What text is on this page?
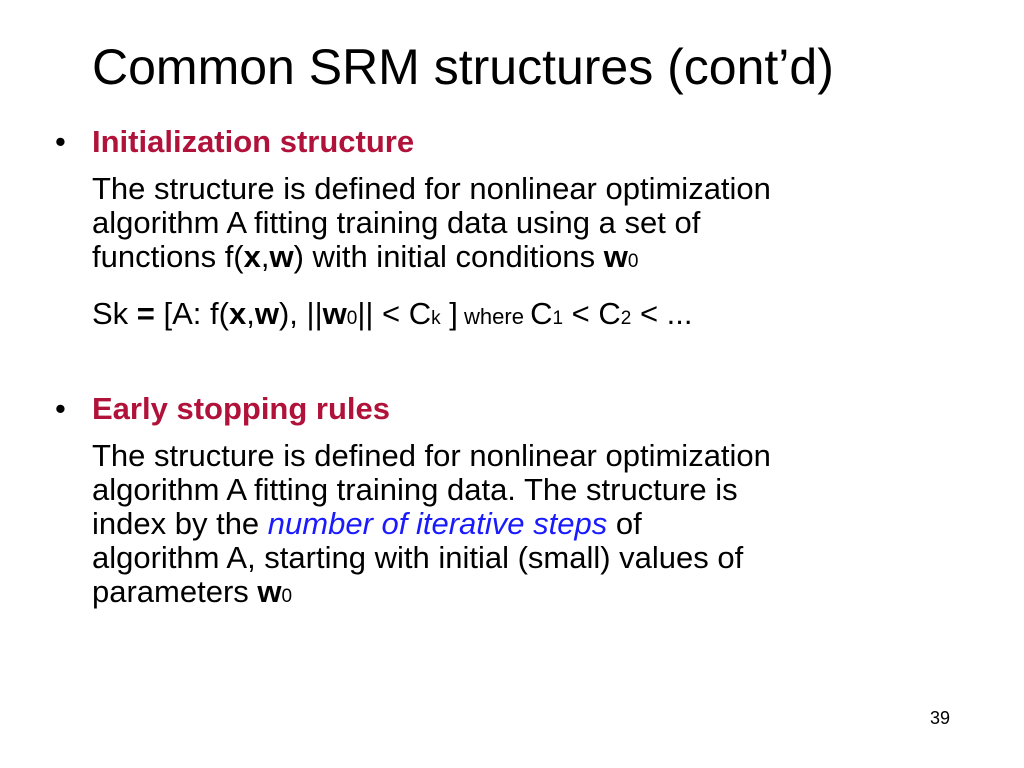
Common SRM structures (cont’d)
• Initialization structure
The structure is defined for nonlinear optimization
algorithm A fitting training data using a set of
functions f(x,w) with initial conditions w0
Sk = [A: f(x,w), ||w0|| < Ck ] where C1 < C2 < ...
• Early stopping rules
The structure is defined for nonlinear optimization
algorithm A fitting training data. The structure is
index by the number of iterative steps of
algorithm A, starting with initial (small) values of
parameters w0
39
